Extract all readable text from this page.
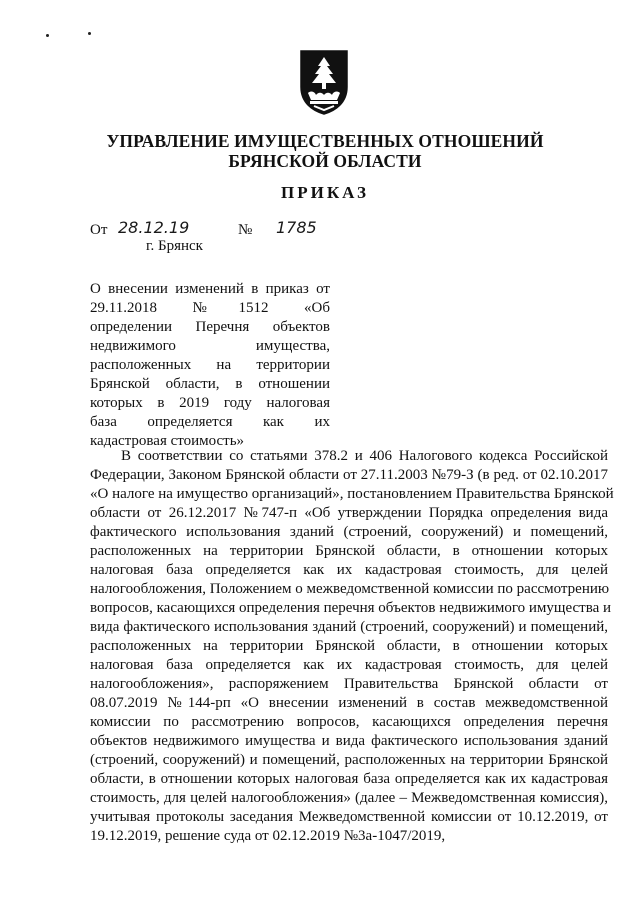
УПРАВЛЕНИЕ ИМУЩЕСТВЕННЫХ ОТНОШЕНИЙ
БРЯНСКОЙ ОБЛАСТИ
ПРИКАЗ
От 28.12.19	№ 1785
г. Брянск
О внесении изменений в приказ от
29.11.2018 №1512 «Об
определении Перечня объектов
недвижимого имущества,
расположенных на территории
Брянской области, в отношении
которых в 2019 году налоговая
база определяется как их
кадастровая стоимость»
В соответствии со статьями 378.2 и 406 Налогового кодекса Российской
Федерации, Законом Брянской области от 27.11.2003 №79-З (в ред. от 02.10.2017
«О налоге на имущество организаций», постановлением Правительства Брянской
области от 26.12.2017 №747-п «Об утверждении Порядка определения вида
фактического использования зданий (строений, сооружений) и помещений,
расположенных на территории Брянской области, в отношении которых
налоговая база определяется как их кадастровая стоимость, для целей
налогообложения, Положением о межведомственной комиссии по рассмотрению
вопросов, касающихся определения перечня объектов недвижимого имущества и
вида фактического использования зданий (строений, сооружений) и помещений,
расположенных на территории Брянской области, в отношении которых
налоговая база определяется как их кадастровая стоимость, для целей
налогообложения», распоряжением Правительства Брянской области от
08.07.2019 №144-рп «О внесении изменений в состав межведомственной
комиссии по рассмотрению вопросов, касающихся определения перечня
объектов недвижимого имущества и вида фактического использования зданий
(строений, сооружений) и помещений, расположенных на территории Брянской
области, в отношении которых налоговая база определяется как их кадастровая
стоимость, для целей налогообложения» (далее – Межведомственная комиссия),
учитывая протоколы заседания Межведомственной комиссии от 10.12.2019, от
19.12.2019, решение суда от 02.12.2019 №3а-1047/2019,
